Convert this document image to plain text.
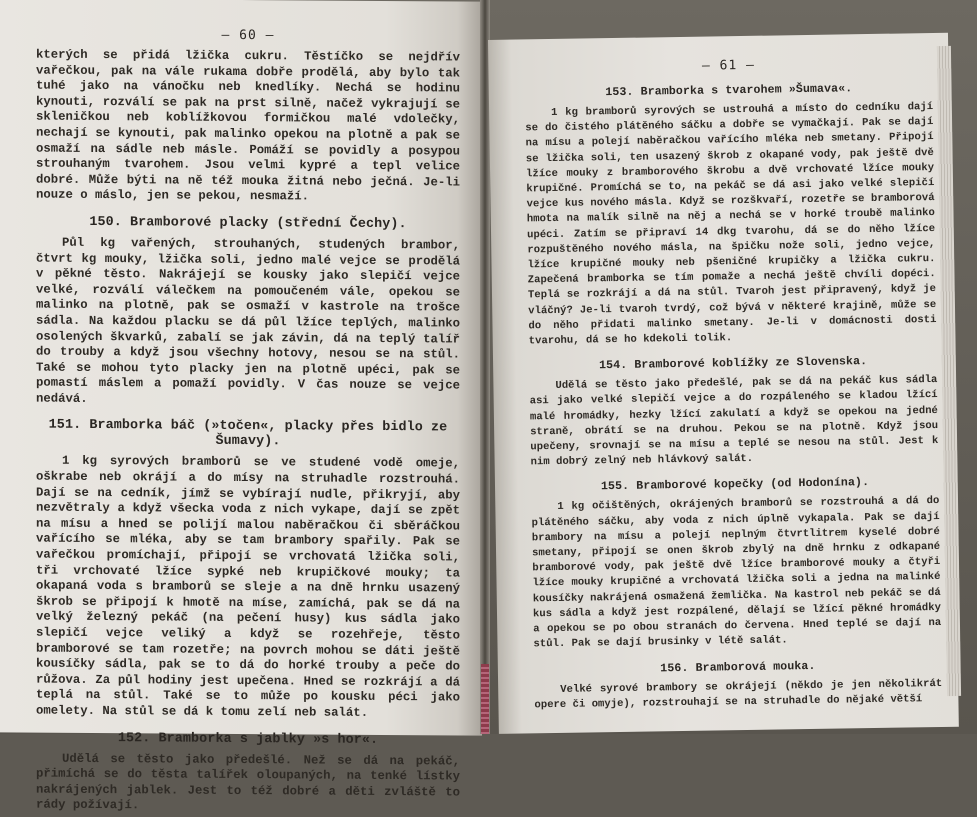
— 60 —

kterých se přidá lžička cukru. Těstíčko se nejdřív vařečkou, pak na vále rukama dobře prodělá, aby bylo tak tuhé jako na vánočku neb knedlíky. Nechá se hodinu kynouti, rozválí se pak na prst silně, načež vykrajují se skleničkou neb koblížkovou formičkou malé vdolečky, nechají se kynouti, pak malinko opekou na plotně a pak se osmaží na sádle neb másle. Pomáží se povidly a posypou strouhaným tvarohem. Jsou velmi kypré a tepl velice dobré. Může býti na ně též mouka žitná nebo ječná. Je-li nouze o máslo, jen se pekou, nesmaží.

150. Bramborové placky (střední Čechy).

Půl kg vařených, strouhaných, studených brambor, čtvrt kg mouky, lžička soli, jedno malé vejce se prodělá v pěkné těsto. Nakrájejí se kousky jako slepičí vejce velké, rozválí válečkem na pomoučeném vále, opekou se malinko na plotně, pak se osmaží v kastrole na trošce sádla. Na každou placku se dá půl lžíce teplých, malinko osolených škvarků, zabalí se jak závin, dá na teplý talíř do trouby a když jsou všechny hotovy, nesou se na stůl. Také se mohou tyto placky jen na plotně upéci, pak se pomastí máslem a pomaží povidly. V čas nouze se vejce nedává.

151. Bramborka báč (»točen«, placky přes bidlo ze Šumavy).

1 kg syrových bramborů se ve studené vodě omeje, oškrabe neb okrájí a do mísy na struhadle rozstrouhá. Dají se na cedník, jímž se vybírají nudle, přikryjí, aby nezvětraly a když všecka voda z nich vykape, dají se zpět na mísu a hned se polijí malou naběračkou či sběráčkou vařícího se mléka, aby se tam brambory spařily. Pak se vařečkou promíchají, připojí se vrchovatá lžička soli, tři vrchovaté lžíce sypké neb krupičkové mouky; ta okapaná voda s bramborů se sleje a na dně hrnku usazený škrob se připojí k hmotě na míse, zamíchá, pak se dá na velký železný pekáč (na pečení husy) kus sádla jako slepičí vejce veliký a když se rozehřeje, těsto bramborové se tam rozetře; na povrch mohou se dáti ještě kousíčky sádla, pak se to dá do horké trouby a peče do růžova. Za půl hodiny jest upečena. Hned se rozkrájí a dá teplá na stůl. Také se to může po kousku péci jako omelety. Na stůl se dá k tomu zelí neb salát.

152. Bramborka s jablky »s hor«.

Udělá se těsto jako předešlé. Než se dá na pekáč, přimíchá se do těsta talířek oloupaných, na tenké lístky nakrájených jablek. Jest to též dobré a děti zvláště to rády požívají.

— 61 —
153. Bramborka s tvarohem »Šumava«.

1 kg bramborů syrových se ustrouhá a místo do cedníku dají se do čistého plátěného sáčku a dobře se vymačkají. Pak se dají na mísu a polejí naběračkou vařícího mléka neb smetany. Připojí se lžička soli, ten usazený škrob z okapané vody, pak ještě dvě lžíce mouky z bramborového škrobu a dvě vrchovaté lžíce mouky krupičné. Promíchá se to, na pekáč se dá asi jako velké slepičí vejce kus nového másla. Když se rozškvaří, rozetře se bramborová hmota na malík silně na něj a nechá se v horké troubě malinko upéci. Zatím se připraví 14 dkg tvarohu, dá se do něho lžíce rozpuštěného nového másla, na špičku nože soli, jedno vejce, lžíce krupičné mouky neb pšeničné krupičky a lžička cukru. Zapečená bramborka se tím pomaže a nechá ještě chvíli dopéci. Teplá se rozkrájí a dá na stůl. Tvaroh jest připravený, když je vláčný? Je-li tvaroh tvrdý, což bývá v některé krajině, může se do něho přidati malinko smetany. Je-li v domácnosti dosti tvarohu, dá se ho kdekoli tolik.

154. Bramborové koblížky ze Slovenska.

Udělá se těsto jako předešlé, pak se dá na pekáč kus sádla asi jako velké slepičí vejce a do rozpáleného se kladou lžící malé hromádky, hezky lžící zakulatí a když se opekou na jedné straně, obrátí se na druhou. Pekou se na plotně. Když jsou upečeny, srovnají se na mísu a teplé se nesou na stůl. Jest k nim dobrý zelný neb hlávkový salát.

155. Bramborové kopečky (od Hodonína).

1 kg očištěných, okrájených bramborů se rozstrouhá a dá do plátěného sáčku, aby voda z nich úplně vykapala. Pak se dají brambory na mísu a polejí neplným čtvrtlitrem kyselé dobré smetany, připojí se onen škrob zbylý na dně hrnku z odkapané bramborové vody, pak ještě dvě lžíce bramborové mouky a čtyři lžíce mouky krupičné a vrchovatá lžička soli a jedna na malinké kousíčky nakrájená osmažená žemlička. Na kastrol neb pekáč se dá kus sádla a když jest rozpálené, dělají se lžící pěkné hromádky a opekou se po obou stranách do červena. Hned teplé se dají na stůl. Pak se dají brusinky v létě salát.

156. Bramborová mouka.

Velké syrové brambory se okrájejí (někdo je jen několikrát opere či omyje), rozstrouhají se na struhadle do nějaké větší
